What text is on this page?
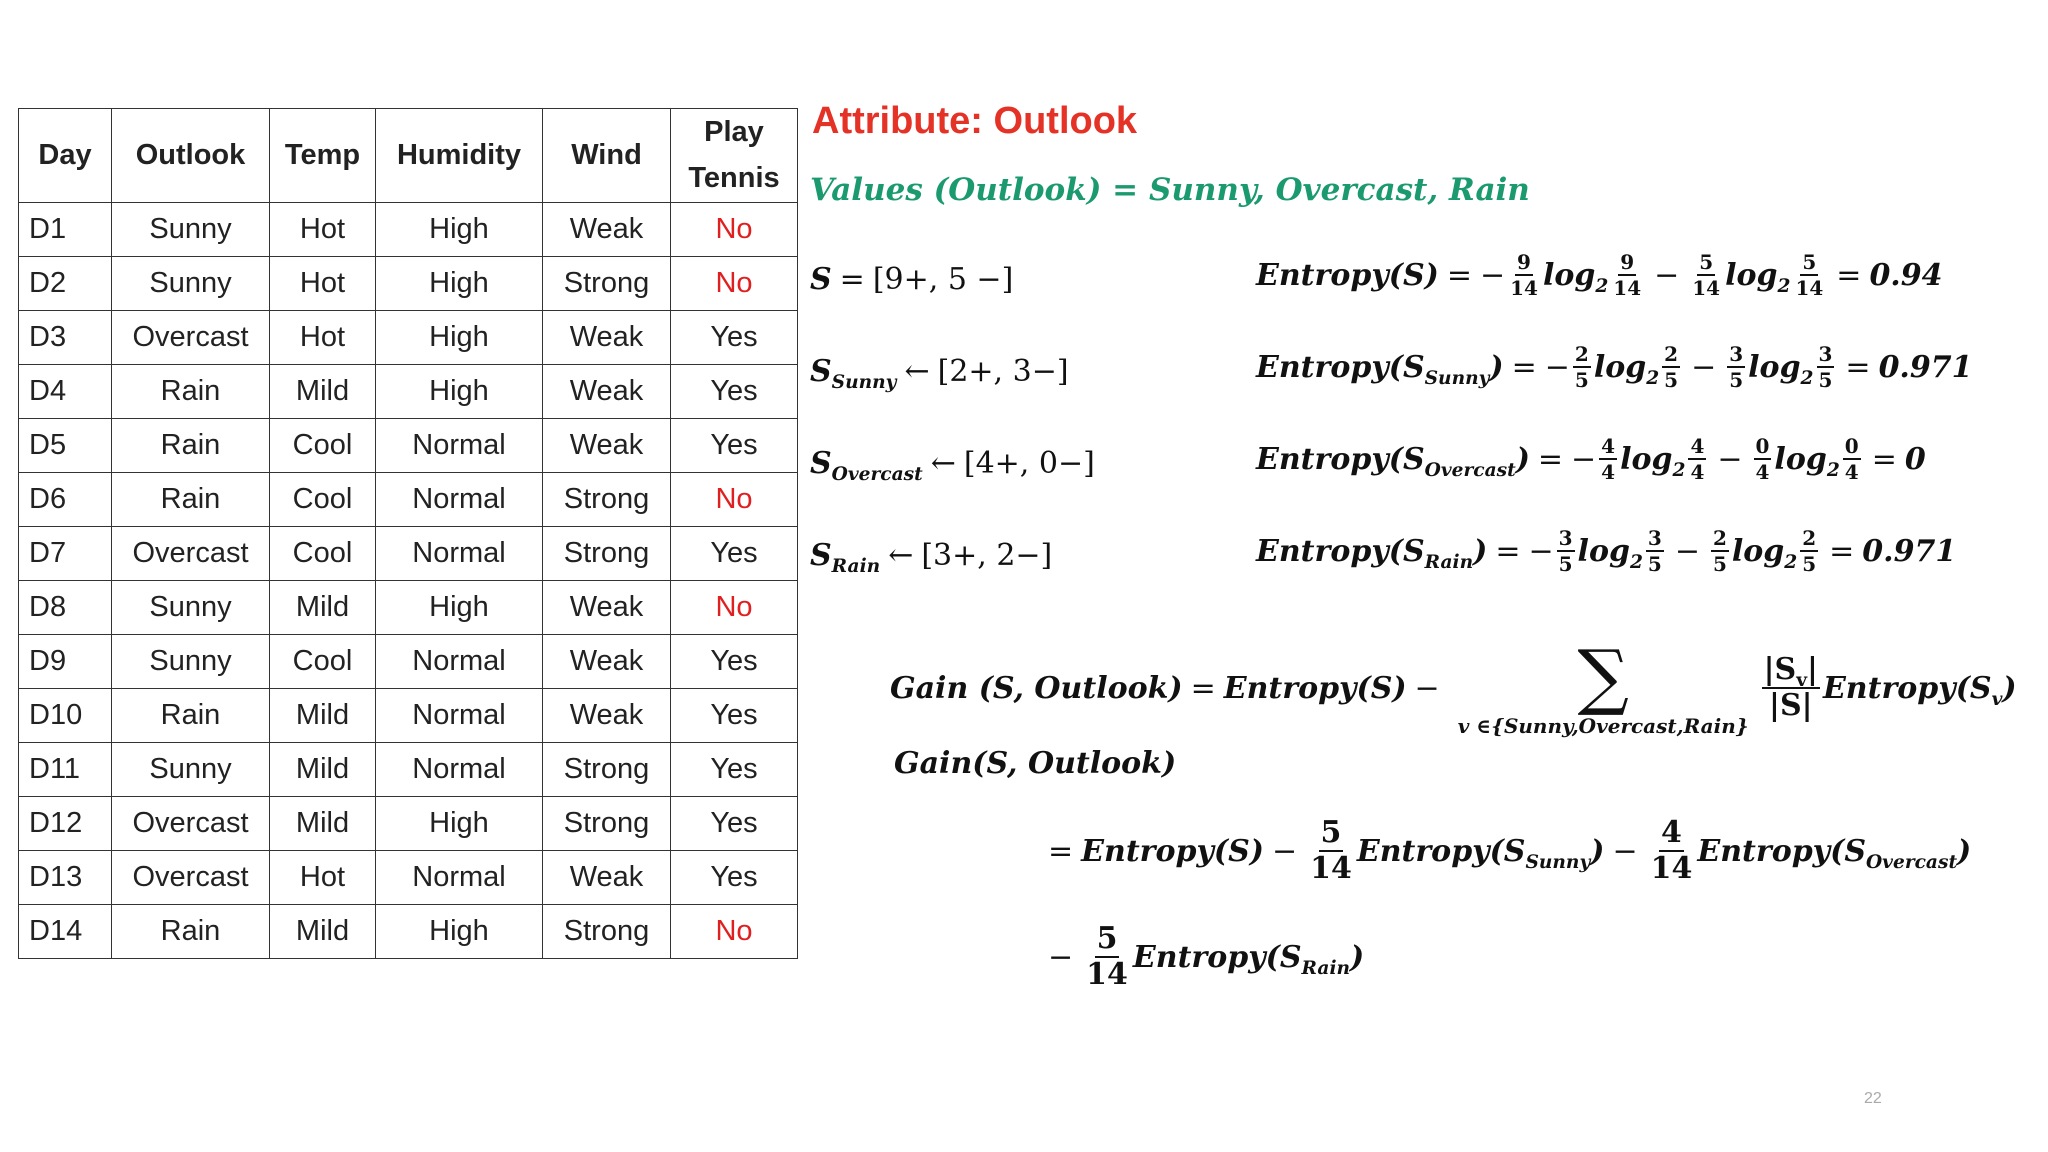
Day	Outlook	Temp	Humidity	Wind	Play Tennis
D1	Sunny	Hot	High	Weak	No
D2	Sunny	Hot	High	Strong	No
D3	Overcast	Hot	High	Weak	Yes
D4	Rain	Mild	High	Weak	Yes
D5	Rain	Cool	Normal	Weak	Yes
D6	Rain	Cool	Normal	Strong	No
D7	Overcast	Cool	Normal	Strong	Yes
D8	Sunny	Mild	High	Weak	No
D9	Sunny	Cool	Normal	Weak	Yes
D10	Rain	Mild	Normal	Weak	Yes
D11	Sunny	Mild	Normal	Strong	Yes
D12	Overcast	Mild	High	Strong	Yes
D13	Overcast	Hot	Normal	Weak	Yes
D14	Rain	Mild	High	Strong	No
Attribute: Outlook
Values (Outlook) = Sunny, Overcast, Rain
S = [9+, 5 −]
$S_{Sunny}$ ← [2+, 3−]
$S_{Overcast}$ ← [4+, 0−]
$S_{Rain}$ ← [3+, 2−]
Entropy(S) = − $\frac{9}{14} \log_2 \frac{9}{14} - \frac{5}{14} \log_2 \frac{5}{14} = 0.94$
$Entropy(S_{Sunny})$ = − $\frac{2}{5} \log_2 \frac{2}{5} - \frac{3}{5} \log_2 \frac{3}{5} = 0.971$
$Entropy(S_{Overcast})$ = − $\frac{4}{4} \log_2 \frac{4}{4} - \frac{0}{4} \log_2 \frac{0}{4} = 0$
$Entropy(S_{Rain})$ = − $\frac{3}{5} \log_2 \frac{3}{5} - \frac{2}{5} \log_2 \frac{2}{5} = 0.971$
Gain (S, Outlook) = Entropy(S) − ∑
v ∈{Sunny,Overcast,Rain}
$\frac{|S_v|}{|S|}$ $Entropy(S_v)$
Gain(S, Outlook)
= Entropy(S) − $\frac{5}{14}$ $Entropy(S_{Sunny}) - \frac{4}{14}$ $Entropy(S_{Overcast})$
− $\frac{5}{14}$ $Entropy(S_{Rain})$
22
